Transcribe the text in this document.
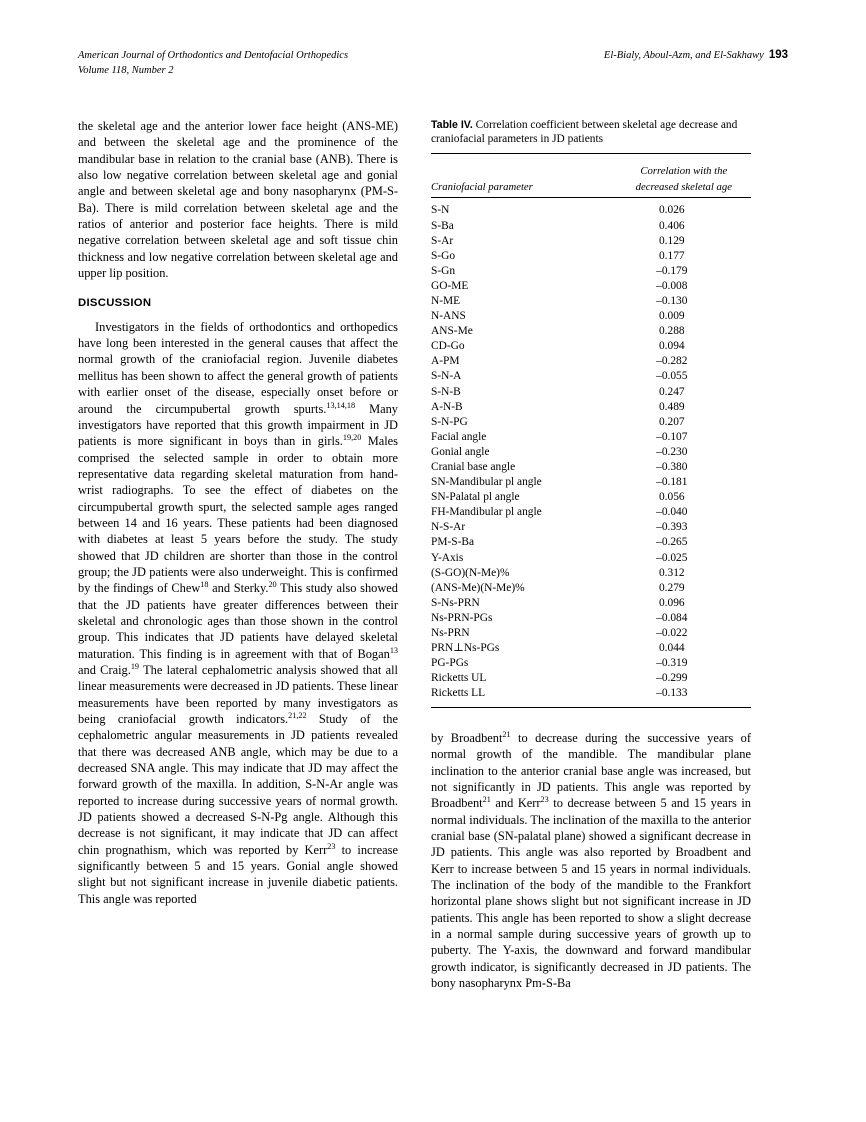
American Journal of Orthodontics and Dentofacial Orthopedics
Volume 118, Number 2
El-Bialy, Aboul-Azm, and El-Sakhawy 193

the skeletal age and the anterior lower face height (ANS-ME) and between the skeletal age and the prominence of the mandibular base in relation to the cranial base (ANB). There is also low negative correlation between skeletal age and gonial angle and between skeletal age and bony nasopharynx (PM-S-Ba). There is mild correlation between skeletal age and the ratios of anterior and posterior face heights. There is mild negative correlation between skeletal age and soft tissue chin thickness and low negative correlation between skeletal age and upper lip position.

DISCUSSION

Investigators in the fields of orthodontics and orthopedics have long been interested in the general causes that affect the normal growth of the craniofacial region. Juvenile diabetes mellitus has been shown to affect the general growth of patients with earlier onset of the disease, especially onset before or around the circumpubertal growth spurts.$^{13,14,18}$ Many investigators have reported that this growth impairment in JD patients is more significant in boys than in girls.$^{19,20}$ Males comprised the selected sample in order to obtain more representative data regarding skeletal maturation from hand-wrist radiographs. To see the effect of diabetes on the circumpubertal growth spurt, the selected sample ages ranged between 14 and 16 years. These patients had been diagnosed with diabetes at least 5 years before the study. The study showed that JD children are shorter than those in the control group; the JD patients were also underweight. This is confirmed by the findings of Chew$^{18}$ and Sterky.$^{20}$ This study also showed that the JD patients have greater differences between their skeletal and chronologic ages than those shown in the control group. This indicates that JD patients have delayed skeletal maturation. This finding is in agreement with that of Bogan$^{13}$ and Craig.$^{19}$ The lateral cephalometric analysis showed that all linear measurements were decreased in JD patients. These linear measurements have been reported by many investigators as being craniofacial growth indicators.$^{21,22}$ Study of the cephalometric angular measurements in JD patients revealed that there was decreased ANB angle, which may be due to a decreased SNA angle. This may indicate that JD may affect the forward growth of the maxilla. In addition, S-N-Ar angle was reported to increase during successive years of normal growth. JD patients showed a decreased S-N-Pg angle. Although this decrease is not significant, it may indicate that JD can affect chin prognathism, which was reported by Kerr$^{23}$ to increase significantly between 5 and 15 years. Gonial angle showed slight but not significant increase in juvenile diabetic patients. This angle was reported

Table IV. Correlation coefficient between skeletal age decrease and craniofacial parameters in JD patients

	Correlation with the
Craniofacial parameter	decreased skeletal age
S-N	0.026
S-Ba	0.406
S-Ar	0.129
S-Go	0.177
S-Gn	–0.179
GO-ME	–0.008
N-ME	–0.130
N-ANS	0.009
ANS-Me	0.288
CD-Go	0.094
A-PM	–0.282
S-N-A	–0.055
S-N-B	0.247
A-N-B	0.489
S-N-PG	0.207
Facial angle	–0.107
Gonial angle	–0.230
Cranial base angle	–0.380
SN-Mandibular pl angle	–0.181
SN-Palatal pl angle	0.056
FH-Mandibular pl angle	–0.040
N-S-Ar	–0.393
PM-S-Ba	–0.265
Y-Axis	–0.025
(S-GO)(N-Me)%	0.312
(ANS-Me)(N-Me)%	0.279
S-Ns-PRN	0.096
Ns-PRN-PGs	–0.084
Ns-PRN	–0.022
PRN⊥Ns-PGs	0.044
PG-PGs	–0.319
Ricketts UL	–0.299
Ricketts LL	–0.133

by Broadbent$^{21}$ to decrease during the successive years of normal growth of the mandible. The mandibular plane inclination to the anterior cranial base angle was increased, but not significantly in JD patients. This angle was reported by Broadbent$^{21}$ and Kerr$^{23}$ to decrease between 5 and 15 years in normal individuals. The inclination of the maxilla to the anterior cranial base (SN-palatal plane) showed a significant decrease in JD patients. This angle was also reported by Broadbent and Kerr to increase between 5 and 15 years in normal individuals. The inclination of the body of the mandible to the Frankfort horizontal plane shows slight but not significant increase in JD patients. This angle has been reported to show a slight decrease in a normal sample during successive years of growth up to puberty. The Y-axis, the downward and forward mandibular growth indicator, is significantly decreased in JD patients. The bony nasopharynx Pm-S-Ba
